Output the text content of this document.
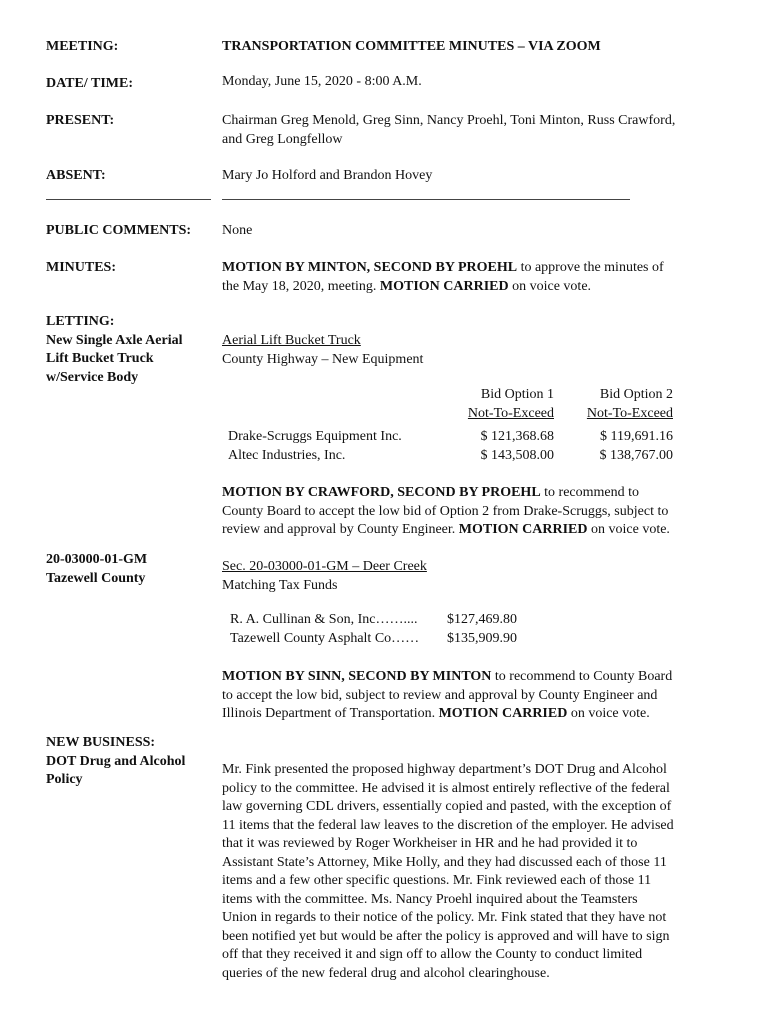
MEETING:	TRANSPORTATION COMMITTEE MINUTES – VIA ZOOM
DATE/ TIME:	Monday, June 15, 2020 - 8:00 A.M.
PRESENT:	Chairman Greg Menold, Greg Sinn, Nancy Proehl, Toni Minton, Russ Crawford,
and Greg Longfellow
ABSENT:	Mary Jo Holford and Brandon Hovey
PUBLIC COMMENTS: None
MINUTES:	MOTION BY MINTON, SECOND BY PROEHL to approve the minutes of
the May 18, 2020, meeting. MOTION CARRIED on voice vote.
LETTING:
New Single Axle Aerial
Lift Bucket Truck
w/Service Body
Aerial Lift Bucket Truck
County Highway – New Equipment
Bid Option 1
Not-To-Exceed
Bid Option 2
Not-To-Exceed
Drake-Scruggs Equipment Inc.	$ 121,368.68	$ 119,691.16
Altec Industries, Inc.	$ 143,508.00	$ 138,767.00
MOTION BY CRAWFORD, SECOND BY PROEHL to recommend to
County Board to accept the low bid of Option 2 from Drake-Scruggs, subject to
review and approval by County Engineer. MOTION CARRIED on voice vote.
20-03000-01-GM
Tazewell County
Sec. 20-03000-01-GM – Deer Creek
Matching Tax Funds
R. A. Cullinan & Son, Inc…….... $127,469.80
Tazewell County Asphalt Co…… $135,909.90
MOTION BY SINN, SECOND BY MINTON to recommend to County Board
to accept the low bid, subject to review and approval by County Engineer and
Illinois Department of Transportation. MOTION CARRIED on voice vote.
NEW BUSINESS:
DOT Drug and Alcohol
Policy
Mr. Fink presented the proposed highway department’s DOT Drug and Alcohol
policy to the committee. He advised it is almost entirely reflective of the federal
law governing CDL drivers, essentially copied and pasted, with the exception of
11 items that the federal law leaves to the discretion of the employer. He advised
that it was reviewed by Roger Workheiser in HR and he had provided it to
Assistant State’s Attorney, Mike Holly, and they had discussed each of those 11
items and a few other specific questions. Mr. Fink reviewed each of those 11
items with the committee. Ms. Nancy Proehl inquired about the Teamsters
Union in regards to their notice of the policy. Mr. Fink stated that they have not
been notified yet but would be after the policy is approved and will have to sign
off that they received it and sign off to allow the County to conduct limited
queries of the new federal drug and alcohol clearinghouse.
